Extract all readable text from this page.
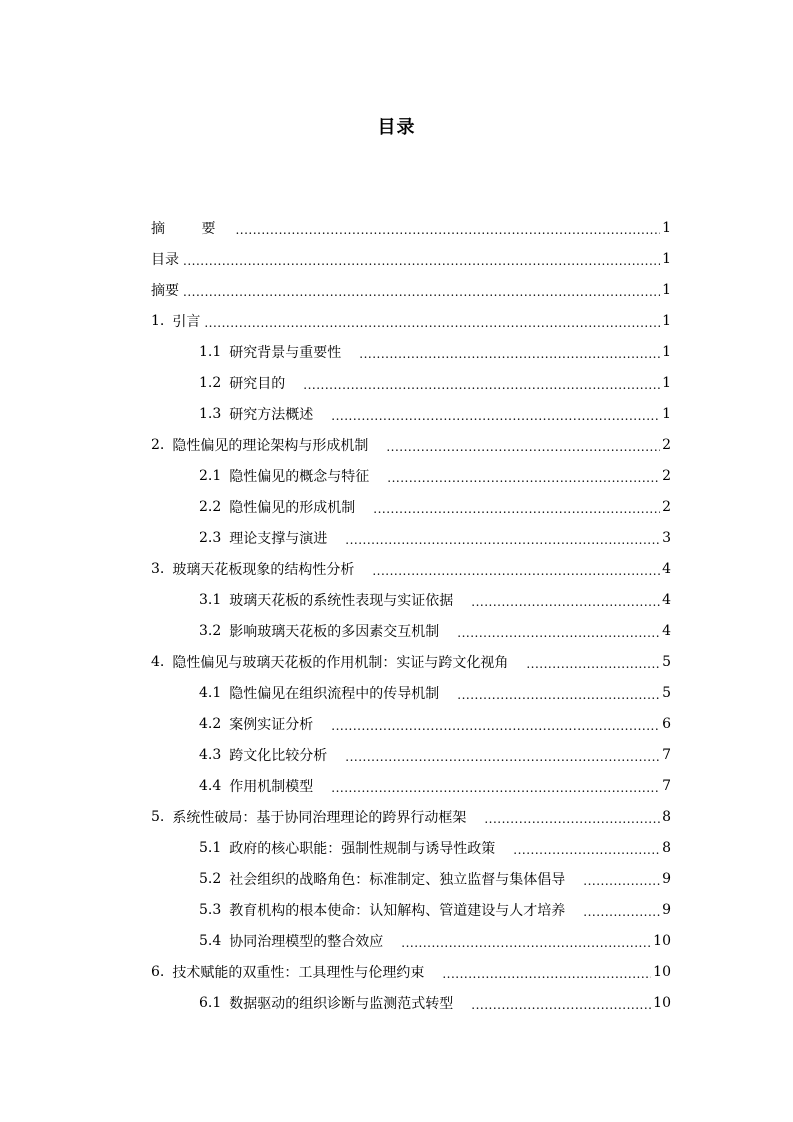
目录
摘 要 .....	1
目录 .....	1
摘要 .....	1
1. 引言 .....	1
1.1 研究背景与重要性 .....	1
1.2 研究目的 .....	1
1.3 研究方法概述 .....	1
2. 隐性偏见的理论架构与形成机制 .....	2
2.1 隐性偏见的概念与特征 .....	2
2.2 隐性偏见的形成机制 .....	2
2.3 理论支撑与演进 .....	3
3. 玻璃天花板现象的结构性分析 .....	4
3.1 玻璃天花板的系统性表现与实证依据 .....	4
3.2 影响玻璃天花板的多因素交互机制 .....	4
4. 隐性偏见与玻璃天花板的作用机制：实证与跨文化视角 .....	5
4.1 隐性偏见在组织流程中的传导机制 .....	5
4.2 案例实证分析 .....	6
4.3 跨文化比较分析 .....	7
4.4 作用机制模型 .....	7
5. 系统性破局：基于协同治理理论的跨界行动框架 .....	8
5.1 政府的核心职能：强制性规制与诱导性政策 .....	8
5.2 社会组织的战略角色：标准制定、独立监督与集体倡导 .....	9
5.3 教育机构的根本使命：认知解构、管道建设与人才培养 .....	9
5.4 协同治理模型的整合效应 .....	10
6. 技术赋能的双重性：工具理性与伦理约束 .....	10
6.1 数据驱动的组织诊断与监测范式转型 .....	10
